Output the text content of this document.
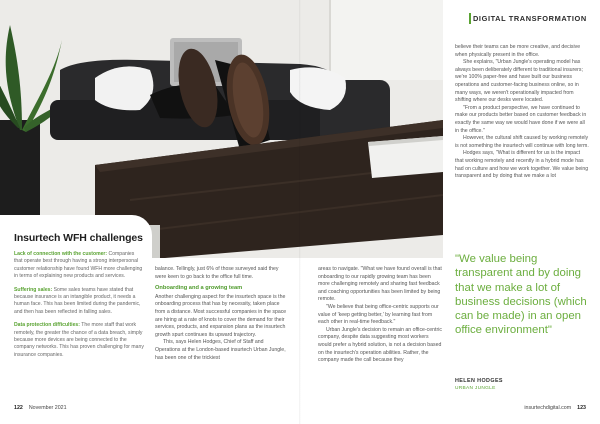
DIGITAL TRANSFORMATION
Insurtech WFH challenges
Lack of connection with the customer: Companies that operate best through having a strong interpersonal customer relationship have found WFH more challenging in terms of explaining new products and services.
Suffering sales: Some sales teams have stated that because insurance is an intangible product, it needs a human face. This has been limited during the pandemic, and then has been reflected in falling sales.
Data protection difficulties: The more staff that work remotely, the greater the chance of a data breach, simply because more devices are being connected to the company networks. This has proven challenging for many insurance companies.

balance. Tellingly, just 6% of those surveyed said they were keen to go back to the office full time.

Onboarding and a growing team

Another challenging aspect for the insurtech space is the onboarding process that has by necessity, taken place from a distance. Most successful companies in the space are hiring at a rate of knots to cover the demand for their services, products, and expansion plans as the insurtech growth spurt continues its upward trajectory.

This, says Helen Hodges, Chief of Staff and Operations at the London-based insurtech Urban Jungle, has been one of the trickiest

areas to navigate. "What we have found overall is that onboarding to our rapidly growing team has been more challenging remotely and sharing fast feedback and coaching opportunities has been limited by being remote.

"We believe that being office-centric supports our value of 'keep getting better,' by learning fast from each other in real-time feedback."

Urban Jungle's decision to remain an office-centric company, despite data suggesting most workers would prefer a hybrid solution, is not a decision based on the insurtech's operation abilities. Rather, the company made the call because they

believe their teams can be more creative, and decisive when physically present in the office.

She explains, "Urban Jungle's operating model has always been deliberately different to traditional insurers; we're 100% paper-free and have built our business operations and customer-facing business online, so in many ways, we weren't operationally impacted from shifting where our desks were located.

"From a product perspective, we have continued to make our products better based on customer feedback in exactly the same way we would have done if we were all in the office."

However, the cultural shift caused by working remotely is not something the insurtech will continue with long term.

Hodges says, "What is different for us is the impact that working remotely and recently in a hybrid mode has had on culture and how we work together. We value being transparent and by doing that we make a lot

"We value being transparent and by doing that we make a lot of business decisions (which can be made) in an open office environment"
HELEN HODGES
URBAN JUNGLE
122 November 2021	insurtechdigital.com 123
